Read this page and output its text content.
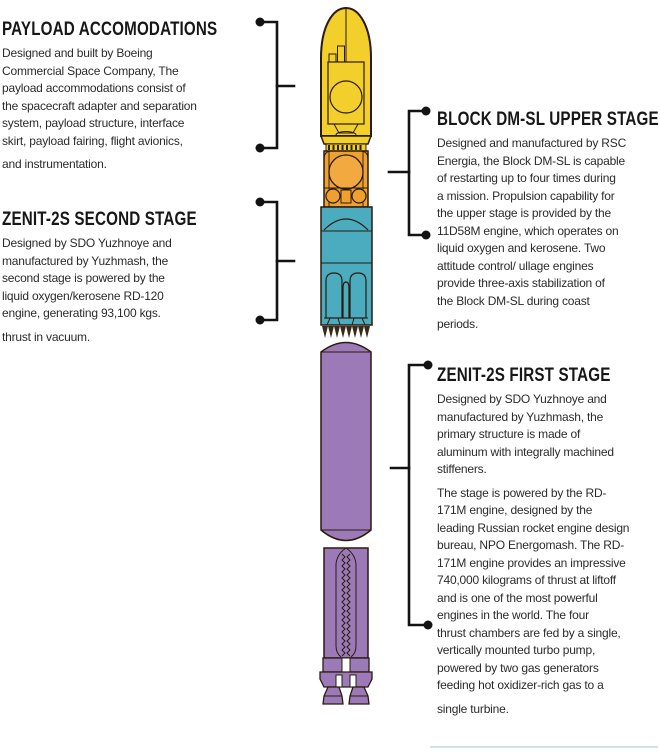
PAYLOAD ACCOMODATIONS
Designed and built by Boeing
Commercial Space Company, The
payload accommodations consist of
the spacecraft adapter and separation
system, payload structure, interface
skirt, payload fairing, flight avionics,
and instrumentation.
ZENIT-2S SECOND STAGE
Designed by SDO Yuzhnoye and
manufactured by Yuzhmash, the
second stage is powered by the
liquid oxygen/kerosene RD-120
engine, generating 93,100 kgs.
thrust in vacuum.
BLOCK DM-SL UPPER STAGE
Designed and manufactured by RSC
Energia, the Block DM-SL is capable
of restarting up to four times during
a mission. Propulsion capability for
the upper stage is provided by the
11D58M engine, which operates on
liquid oxygen and kerosene. Two
attitude control/ ullage engines
provide three-axis stabilization of
the Block DM-SL during coast
periods.
ZENIT-2S FIRST STAGE
Designed by SDO Yuzhnoye and
manufactured by Yuzhmash, the
primary structure is made of
aluminum with integrally machined
stiffeners.
The stage is powered by the RD-
171M engine, designed by the
leading Russian rocket engine design
bureau, NPO Energomash. The RD-
171M engine provides an impressive
740,000 kilograms of thrust at liftoff
and is one of the most powerful
engines in the world. The four
thrust chambers are fed by a single,
vertically mounted turbo pump,
powered by two gas generators
feeding hot oxidizer-rich gas to a
single turbine.
